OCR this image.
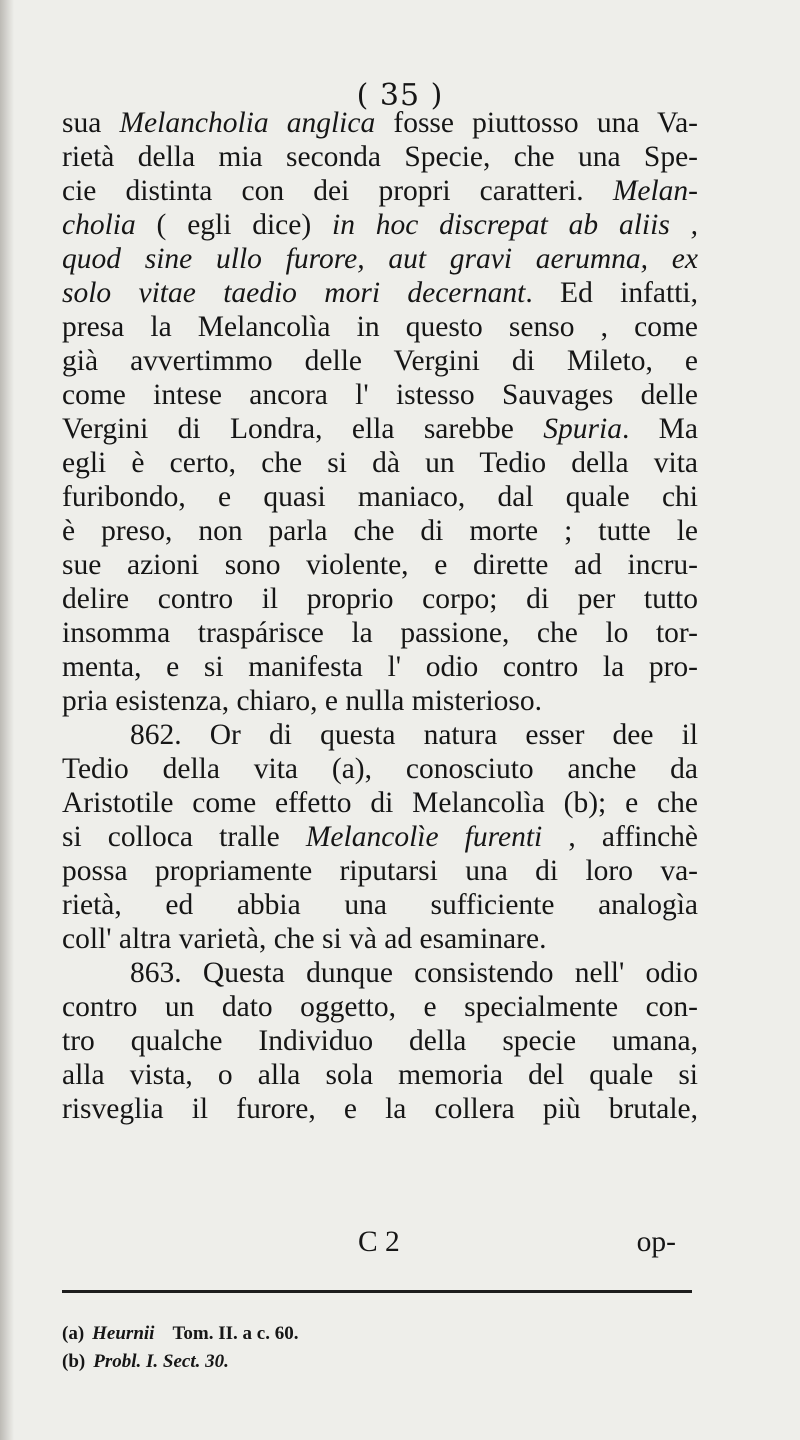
( 35 )
sua Melancholia anglica fosse piuttosso una Va-
rietà della mia seconda Specie, che una Spe-
cie distinta con dei propri caratteri. Melan-
cholia ( egli dice) in hoc discrepat ab aliis ,
quod sine ullo furore, aut gravi aerumna, ex
solo vitae taedio mori decernant. Ed infatti,
presa la Melancolìa in questo senso , come
già avvertimmo delle Vergini di Mileto, e
come intese ancora l' istesso Sauvages delle
Vergini di Londra, ella sarebbe Spuria. Ma
egli è certo, che si dà un Tedio della vita
furibondo, e quasi maniaco, dal quale chi
è preso, non parla che di morte ; tutte le
sue azioni sono violente, e dirette ad incru-
delire contro il proprio corpo; di per tutto
insomma traspárisce la passione, che lo tor-
menta, e si manifesta l' odio contro la pro-
pria esistenza, chiaro, e nulla misterioso.
862. Or di questa natura esser dee il
Tedio della vita (a), conosciuto anche da
Aristotile come effetto di Melancolìa (b); e che
si colloca tralle Melancolìe furenti , affinchè
possa propriamente riputarsi una di loro va-
rietà, ed abbia una sufficiente analogìa
coll' altra varietà, che si và ad esaminare.
863. Questa dunque consistendo nell' odio
contro un dato oggetto, e specialmente con-
tro qualche Individuo della specie umana,
alla vista, o alla sola memoria del quale si
risveglia il furore, e la collera più brutale,
C 2	op-
(a) Heurnii Tom. II. a c. 60.
(b) Probl. I. Sect. 30.
